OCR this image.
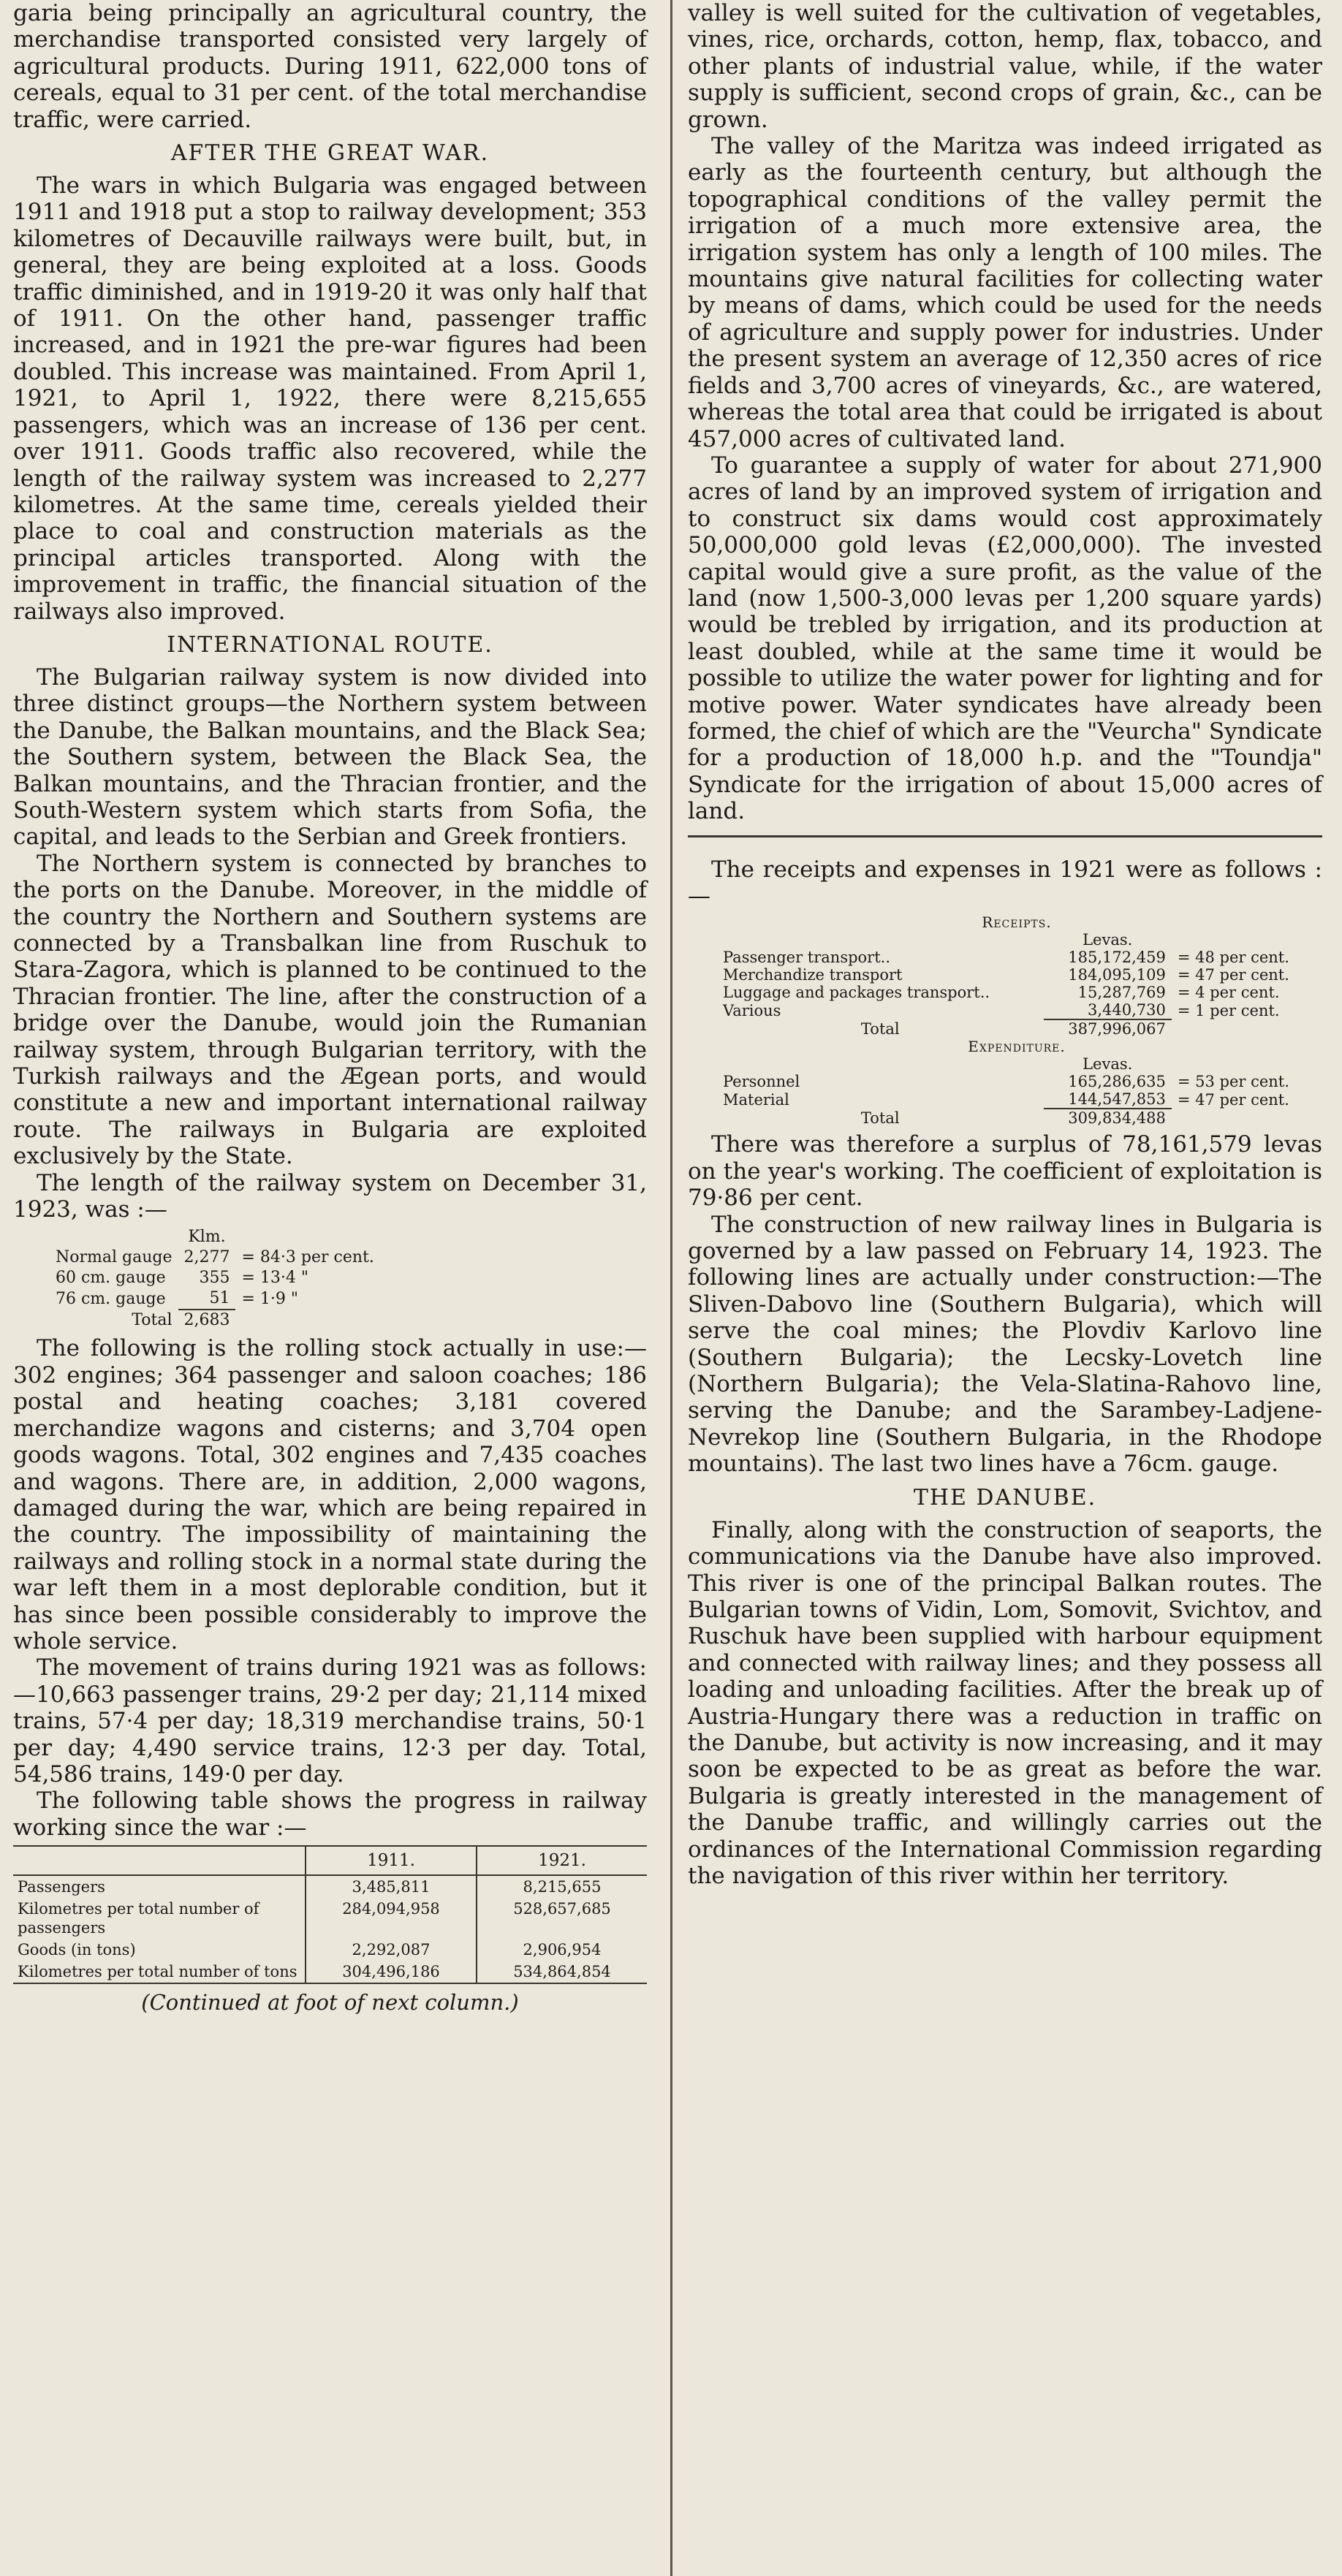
garia being principally an agricultural country, the merchandise transported consisted very largely of agricultural products. During 1911, 622,000 tons of cereals, equal to 31 per cent. of the total merchandise traffic, were carried.

AFTER THE GREAT WAR.

The wars in which Bulgaria was engaged between 1911 and 1918 put a stop to railway development; 353 kilometres of Decauville railways were built, but, in general, they are being exploited at a loss. Goods traffic diminished, and in 1919-20 it was only half that of 1911. On the other hand, passenger traffic increased, and in 1921 the pre-war figures had been doubled. This increase was maintained. From April 1, 1921, to April 1, 1922, there were 8,215,655 passengers, which was an increase of 136 per cent. over 1911. Goods traffic also recovered, while the length of the railway system was increased to 2,277 kilometres. At the same time, cereals yielded their place to coal and construction materials as the principal articles transported. Along with the improvement in traffic, the financial situation of the railways also improved.

INTERNATIONAL ROUTE.

The Bulgarian railway system is now divided into three distinct groups—the Northern system between the Danube, the Balkan mountains, and the Black Sea; the Southern system, between the Black Sea, the Balkan mountains, and the Thracian frontier, and the South-Western system which starts from Sofia, the capital, and leads to the Serbian and Greek frontiers.

The Northern system is connected by branches to the ports on the Danube. Moreover, in the middle of the country the Northern and Southern systems are connected by a Transbalkan line from Ruschuk to Stara-Zagora, which is planned to be continued to the Thracian frontier. The line, after the construction of a bridge over the Danube, would join the Rumanian railway system, through Bulgarian territory, with the Turkish railways and the Ægean ports, and would constitute a new and important international railway route. The railways in Bulgaria are exploited exclusively by the State.

The length of the railway system on December 31, 1923, was :—

	Klm.	
Normal gauge	2,277	= 84·3 per cent.
60 cm. gauge	355	= 13·4 "
76 cm. gauge	51	= 1·9 "
Total	2,683	

The following is the rolling stock actually in use:—302 engines; 364 passenger and saloon coaches; 186 postal and heating coaches; 3,181 covered merchandize wagons and cisterns; and 3,704 open goods wagons. Total, 302 engines and 7,435 coaches and wagons. There are, in addition, 2,000 wagons, damaged during the war, which are being repaired in the country. The impossibility of maintaining the railways and rolling stock in a normal state during the war left them in a most deplorable condition, but it has since been possible considerably to improve the whole service.

The movement of trains during 1921 was as follows:—10,663 passenger trains, 29·2 per day; 21,114 mixed trains, 57·4 per day; 18,319 merchandise trains, 50·1 per day; 4,490 service trains, 12·3 per day. Total, 54,586 trains, 149·0 per day.

The following table shows the progress in railway working since the war :—

	1911.	1921.
Passengers	3,485,811	8,215,655
Kilometres per total number of passengers	284,094,958	528,657,685
Goods (in tons)	2,292,087	2,906,954
Kilometres per total number of tons	304,496,186	534,864,854
(Continued at foot of next column.)

valley is well suited for the cultivation of vegetables, vines, rice, orchards, cotton, hemp, flax, tobacco, and other plants of industrial value, while, if the water supply is sufficient, second crops of grain, &c., can be grown.

The valley of the Maritza was indeed irrigated as early as the fourteenth century, but although the topographical conditions of the valley permit the irrigation of a much more extensive area, the irrigation system has only a length of 100 miles. The mountains give natural facilities for collecting water by means of dams, which could be used for the needs of agriculture and supply power for industries. Under the present system an average of 12,350 acres of rice fields and 3,700 acres of vineyards, &c., are watered, whereas the total area that could be irrigated is about 457,000 acres of cultivated land.

To guarantee a supply of water for about 271,900 acres of land by an improved system of irrigation and to construct six dams would cost approximately 50,000,000 gold levas (£2,000,000). The invested capital would give a sure profit, as the value of the land (now 1,500-3,000 levas per 1,200 square yards) would be trebled by irrigation, and its production at least doubled, while at the same time it would be possible to utilize the water power for lighting and for motive power. Water syndicates have already been formed, the chief of which are the "Veurcha" Syndicate for a production of 18,000 h.p. and the "Toundja" Syndicate for the irrigation of about 15,000 acres of land.

The receipts and expenses in 1921 were as follows :—

Receipts.		
	Levas.	
Passenger transport..	185,172,459	= 48 per cent.
Merchandize transport	184,095,109	= 47 per cent.
Luggage and packages transport..	15,287,769	= 4 per cent.
Various	3,440,730	= 1 per cent.
Total	387,996,067	
Expenditure.		
	Levas.	
Personnel	165,286,635	= 53 per cent.
Material	144,547,853	= 47 per cent.
Total	309,834,488	

There was therefore a surplus of 78,161,579 levas on the year's working. The coefficient of exploitation is 79·86 per cent.

The construction of new railway lines in Bulgaria is governed by a law passed on February 14, 1923. The following lines are actually under construction:—The Sliven-Dabovo line (Southern Bulgaria), which will serve the coal mines; the Plovdiv Karlovo line (Southern Bulgaria); the Lecsky-Lovetch line (Northern Bulgaria); the Vela-Slatina-Rahovo line, serving the Danube; and the Sarambey-Ladjene-Nevrekop line (Southern Bulgaria, in the Rhodope mountains). The last two lines have a 76cm. gauge.

THE DANUBE.

Finally, along with the construction of seaports, the communications via the Danube have also improved. This river is one of the principal Balkan routes. The Bulgarian towns of Vidin, Lom, Somovit, Svichtov, and Ruschuk have been supplied with harbour equipment and connected with railway lines; and they possess all loading and unloading facilities. After the break up of Austria-Hungary there was a reduction in traffic on the Danube, but activity is now increasing, and it may soon be expected to be as great as before the war. Bulgaria is greatly interested in the management of the Danube traffic, and willingly carries out the ordinances of the International Commission regarding the navigation of this river within her territory.
